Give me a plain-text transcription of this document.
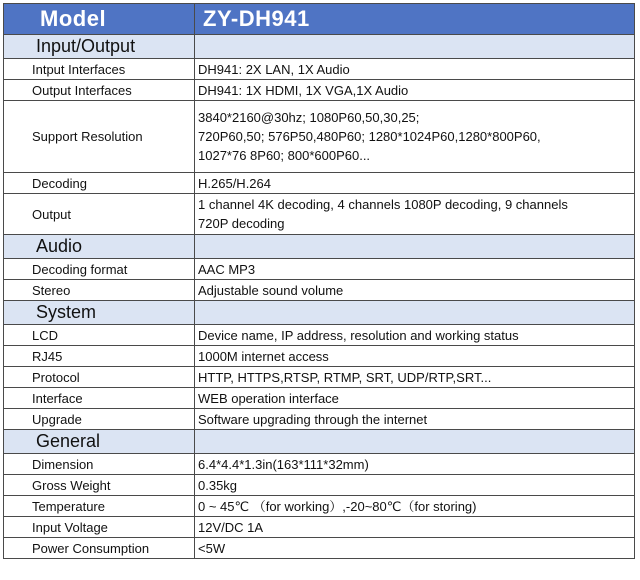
Model	ZY-DH941
Input/Output	
Intput Interfaces	DH941: 2X LAN, 1X Audio

Output Interfaces	DH941: 1X HDMI, 1X VGA,1X Audio

Support Resolution	3840*2160@30hz; 1080P60,50,30,25;
720P60,50; 576P50,480P60; 1280*1024P60,1280*800P60,
1027*76 8P60; 800*600P60...

Decoding	H.265/H.264

Output	1 channel 4K decoding, 4 channels 1080P decoding, 9 channels
720P decoding

Audio	
Decoding format	AAC MP3

Stereo	Adjustable sound volume

System	
LCD	Device name, IP address, resolution and working status

RJ45	1000M internet access

Protocol	HTTP, HTTPS,RTSP, RTMP, SRT, UDP/RTP,SRT...

Interface	WEB operation interface

Upgrade	Software upgrading through the internet

General	
Dimension	6.4*4.4*1.3in(163*111*32mm)

Gross Weight	0.35kg

Temperature	0 ~ 45℃ （for working）,-20~80℃（for storing)

Input Voltage	12V/DC 1A

Power Consumption	<5W
